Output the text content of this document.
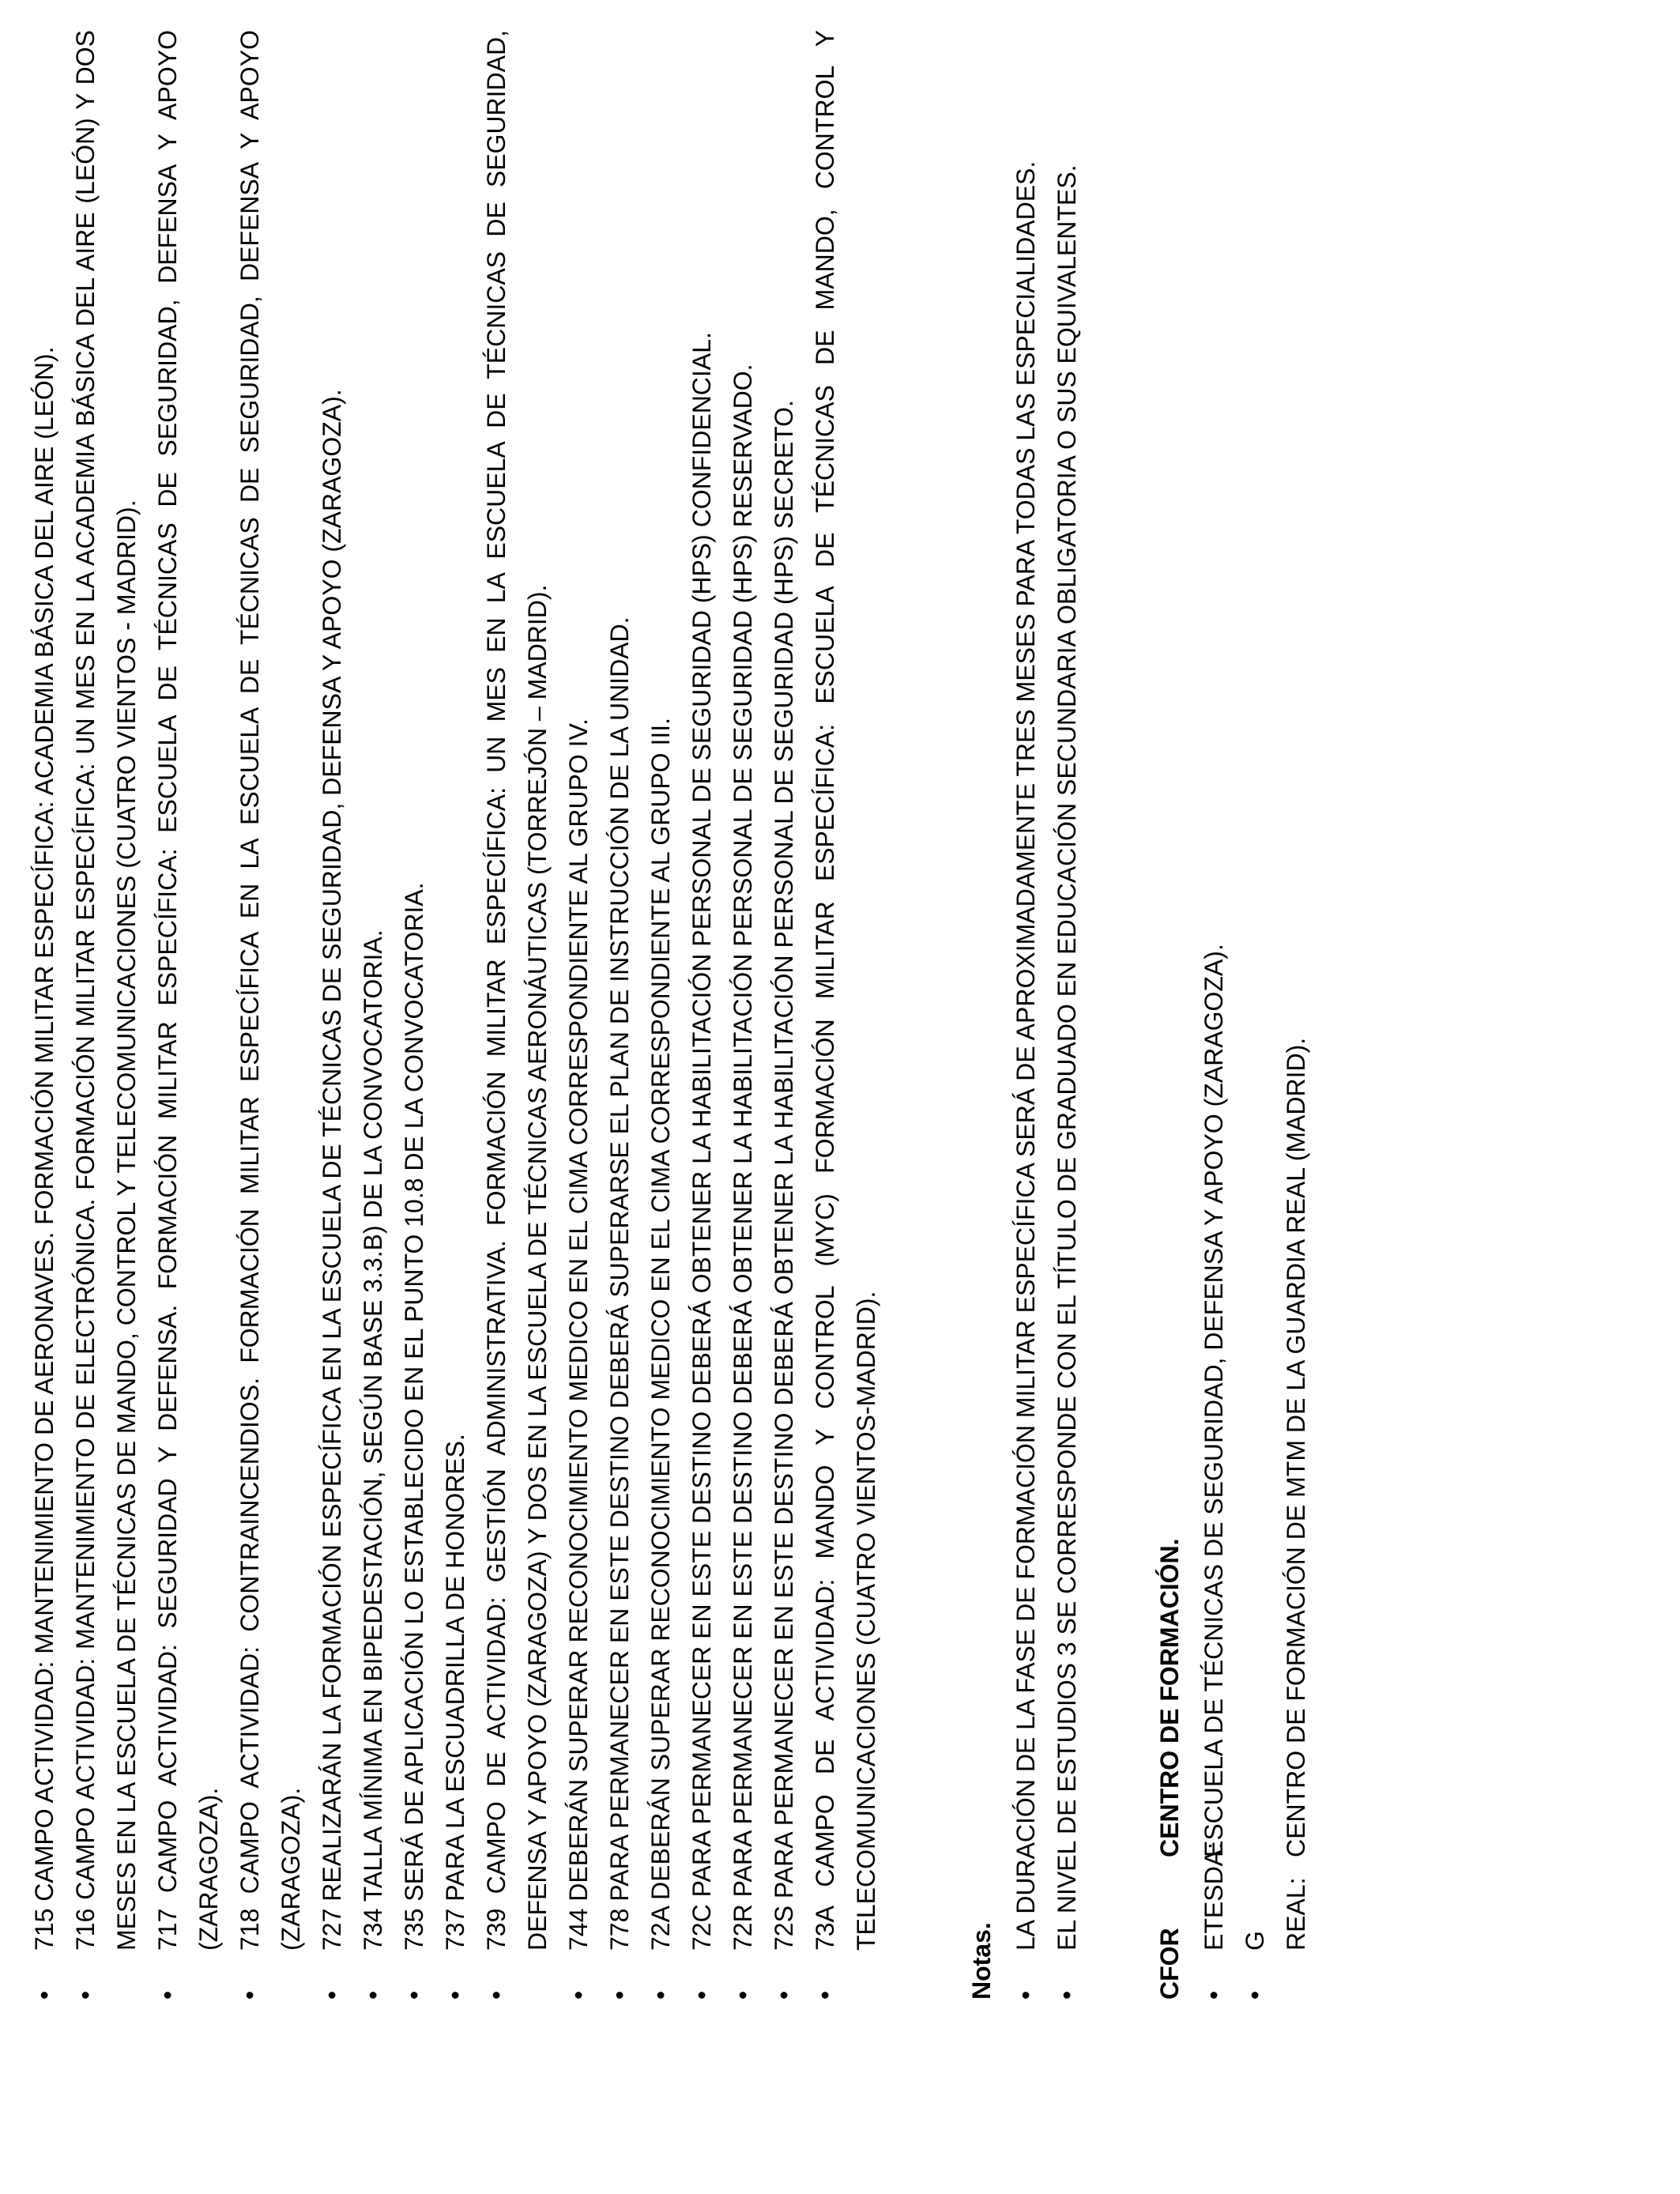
• 715 CAMPO ACTIVIDAD: MANTENIMIENTO DE AERONAVES. FORMACIÓN MILITAR ESPECÍFICA: ACADEMIA BÁSICA DEL AIRE (LEÓN). • 716 CAMPO ACTIVIDAD: MANTENIMIENTO DE ELECTRÓNICA. FORMACIÓN MILITAR ESPECÍFICA: UN MES EN LA ACADEMIA BÁSICA DEL AIRE (LEÓN) Y DOS MESES EN LA ESCUELA DE TÉCNICAS DE MANDO, CONTROL Y TELECOMUNICACIONES (CUATRO VIENTOS - MADRID). • 717 CAMPO ACTIVIDAD: SEGURIDAD Y DEFENSA. FORMACIÓN MILITAR ESPECÍFICA: ESCUELA DE TÉCNICAS DE SEGURIDAD, DEFENSA Y APOYO (ZARAGOZA). • 718 CAMPO ACTIVIDAD: CONTRAINCENDIOS. FORMACIÓN MILITAR ESPECÍFICA EN LA ESCUELA DE TÉCNICAS DE SEGURIDAD, DEFENSA Y APOYO (ZARAGOZA). • 727 REALIZARÁN LA FORMACIÓN ESPECÍFICA EN LA ESCUELA DE TÉCNICAS DE SEGURIDAD, DEFENSA Y APOYO (ZARAGOZA). • 734 TALLA MÍNIMA EN BIPEDESTACIÓN, SEGÚN BASE 3.3.B) DE LA CONVOCATORIA. • 735 SERÁ DE APLICACIÓN LO ESTABLECIDO EN EL PUNTO 10.8 DE LA CONVOCATORIA. • 737 PARA LA ESCUADRILLA DE HONORES. • 739 CAMPO DE ACTIVIDAD: GESTIÓN ADMINISTRATIVA. FORMACIÓN MILITAR ESPECÍFICA: UN MES EN LA ESCUELA DE TÉCNICAS DE SEGURIDAD, DEFENSA Y APOYO (ZARAGOZA) Y DOS EN LA ESCUELA DE TÉCNICAS AERONÁUTICAS (TORREJÓN – MADRID). • 744 DEBERÁN SUPERAR RECONOCIMIENTO MEDICO EN EL CIMA CORRESPONDIENTE AL GRUPO IV. • 778 PARA PERMANECER EN ESTE DESTINO DEBERÁ SUPERARSE EL PLAN DE INSTRUCCIÓN DE LA UNIDAD. • 72A DEBERÁN SUPERAR RECONOCIMIENTO MEDICO EN EL CIMA CORRESPONDIENTE AL GRUPO III. • 72C PARA PERMANECER EN ESTE DESTINO DEBERÁ OBTENER LA HABILITACIÓN PERSONAL DE SEGURIDAD (HPS) CONFIDENCIAL. • 72R PARA PERMANECER EN ESTE DESTINO DEBERÁ OBTENER LA HABILITACIÓN PERSONAL DE SEGURIDAD (HPS) RESERVADO. • 72S PARA PERMANECER EN ESTE DESTINO DEBERÁ OBTENER LA HABILITACIÓN PERSONAL DE SEGURIDAD (HPS) SECRETO. • 73A CAMPO DE ACTIVIDAD: MANDO Y CONTROL (MYC) FORMACIÓN MILITAR ESPECÍFICA: ESCUELA DE TÉCNICAS DE MANDO, CONTROL Y TELECOMUNICACIONES (CUATRO VIENTOS-MADRID).
Notas.
• LA DURACIÓN DE LA FASE DE FORMACIÓN MILITAR ESPECÍFICA SERÁ DE APROXIMADAMENTE TRES MESES PARA TODAS LAS ESPECIALIDADES. • EL NIVEL DE ESTUDIOS 3 SE CORRESPONDE CON EL TÍTULO DE GRADUADO EN EDUCACIÓN SECUNDARIA OBLIGATORIA O SUS EQUIVALENTES.
CFORCENTRO DE FORMACIÓN.
• ETESDA:ESCUELA DE TÉCNICAS DE SEGURIDAD, DEFENSA Y APOYO (ZARAGOZA).
• G REAL:CENTRO DE FORMACIÓN DE MTM DE LA GUARDIA REAL (MADRID).
